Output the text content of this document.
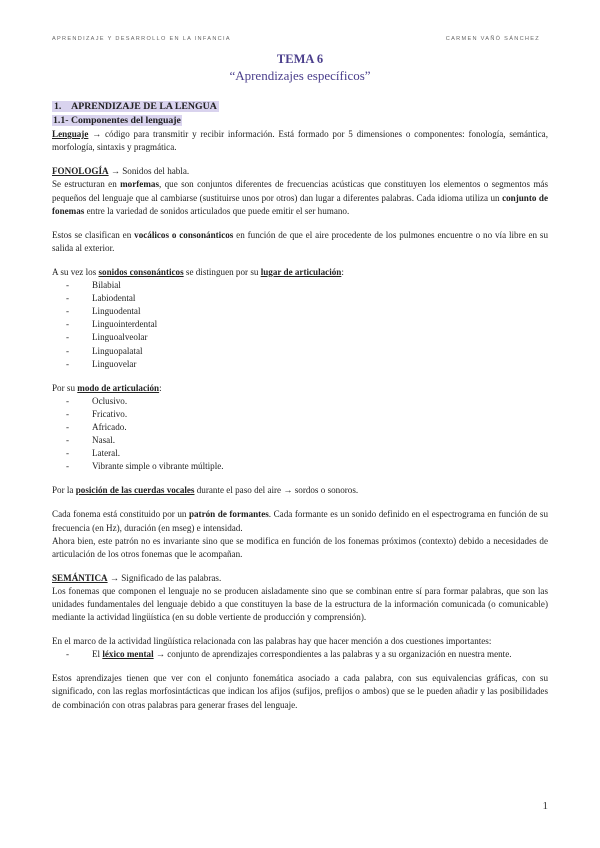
APRENDIZAJE Y DESARROLLO EN LA INFANCIA	CARMEN VAÑÓ SÁNCHEZ
TEMA 6
“Aprendizajes específicos”

1. APRENDIZAJE DE LA LENGUA

1.1- Componentes del lenguaje

Lenguaje → código para transmitir y recibir información. Está formado por 5 dimensiones o componentes: fonología, semántica, morfología, sintaxis y pragmática.

FONOLOGÍA → Sonidos del habla.

Se estructuran en morfemas, que son conjuntos diferentes de frecuencias acústicas que constituyen los elementos o segmentos más pequeños del lenguaje que al cambiarse (sustituirse unos por otros) dan lugar a diferentes palabras. Cada idioma utiliza un conjunto de fonemas entre la variedad de sonidos articulados que puede emitir el ser humano.

Estos se clasifican en vocálicos o consonánticos en función de que el aire procedente de los pulmones encuentre o no vía libre en su salida al exterior.

A su vez los sonidos consonánticos se distinguen por su lugar de articulación:

- Bilabial
- Labiodental
- Linguodental
- Linguointerdental
- Linguoalveolar
- Linguopalatal
- Linguovelar

Por su modo de articulación:

- Oclusivo.
- Fricativo.
- Africado.
- Nasal.
- Lateral.
- Vibrante simple o vibrante múltiple.

Por la posición de las cuerdas vocales durante el paso del aire → sordos o sonoros.

Cada fonema está constituido por un patrón de formantes. Cada formante es un sonido definido en el espectrograma en función de su frecuencia (en Hz), duración (en mseg) e intensidad.

Ahora bien, este patrón no es invariante sino que se modifica en función de los fonemas próximos (contexto) debido a necesidades de articulación de los otros fonemas que le acompañan.

SEMÁNTICA → Significado de las palabras.

Los fonemas que componen el lenguaje no se producen aisladamente sino que se combinan entre sí para formar palabras, que son las unidades fundamentales del lenguaje debido a que constituyen la base de la estructura de la información comunicada (o comunicable) mediante la actividad lingüística (en su doble vertiente de producción y comprensión).

En el marco de la actividad lingüística relacionada con las palabras hay que hacer mención a dos cuestiones importantes:

- El léxico mental → conjunto de aprendizajes correspondientes a las palabras y a su organización en nuestra mente.

Estos aprendizajes tienen que ver con el conjunto fonemática asociado a cada palabra, con sus equivalencias gráficas, con su significado, con las reglas morfosintácticas que indican los afijos (sufijos, prefijos o ambos) que se le pueden añadir y las posibilidades de combinación con otras palabras para generar frases del lenguaje.

1
